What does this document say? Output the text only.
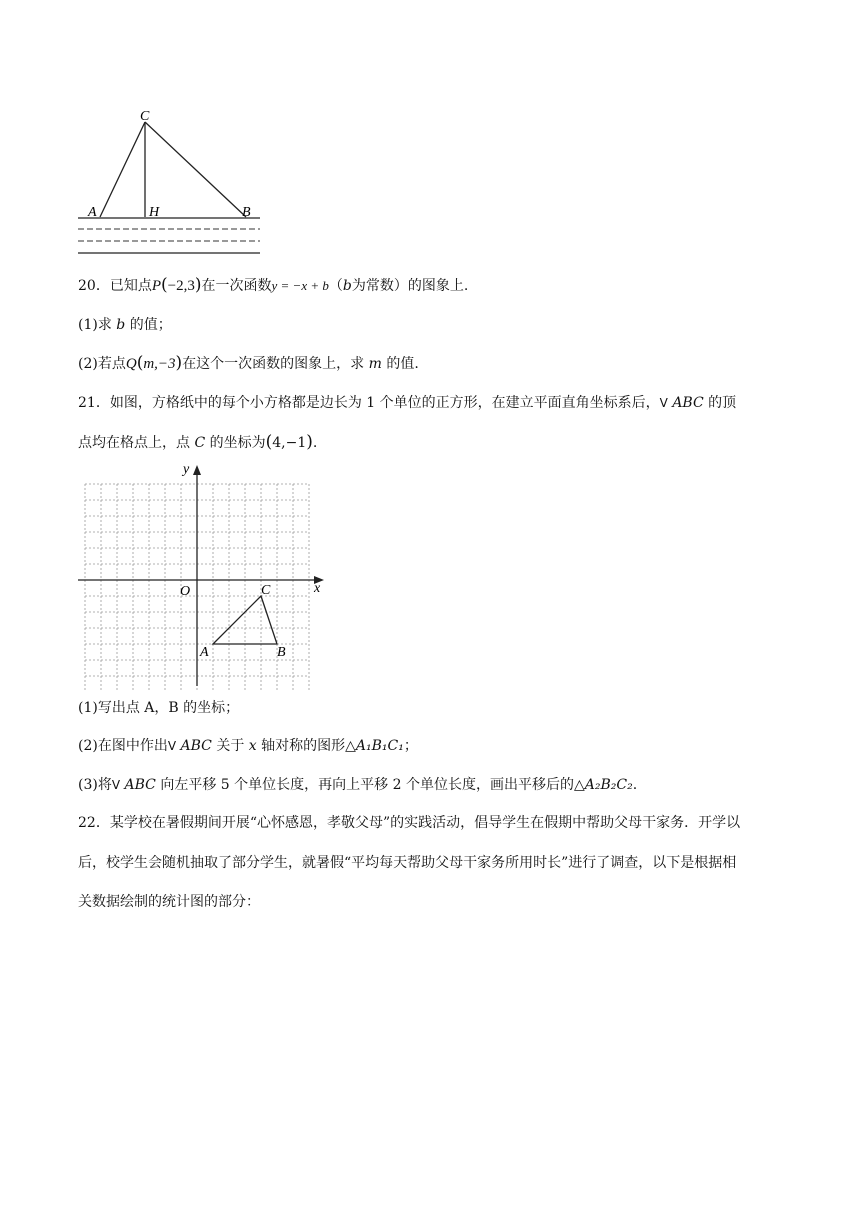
C
A	H	B
20．已知点P(−2,3)在一次函数y = −x + b（b为常数）的图象上.
(1)求 b 的值；
(2)若点Q(m,−3)在这个一次函数的图象上，求 m 的值.
21．如图，方格纸中的每个小方格都是边长为 1 个单位的正方形，在建立平面直角坐标系后，V ABC 的顶
点均在格点上，点 C 的坐标为(4,−1).
y
x
O	C
A	B
(1)写出点 A，B 的坐标；
(2)在图中作出V ABC 关于 x 轴对称的图形△A₁B₁C₁；
(3)将V ABC 向左平移 5 个单位长度，再向上平移 2 个单位长度，画出平移后的△A₂B₂C₂.
22．某学校在暑假期间开展“心怀感恩，孝敬父母”的实践活动，倡导学生在假期中帮助父母干家务．开学以
后，校学生会随机抽取了部分学生，就暑假“平均每天帮助父母干家务所用时长”进行了调查，以下是根据相
关数据绘制的统计图的部分：
